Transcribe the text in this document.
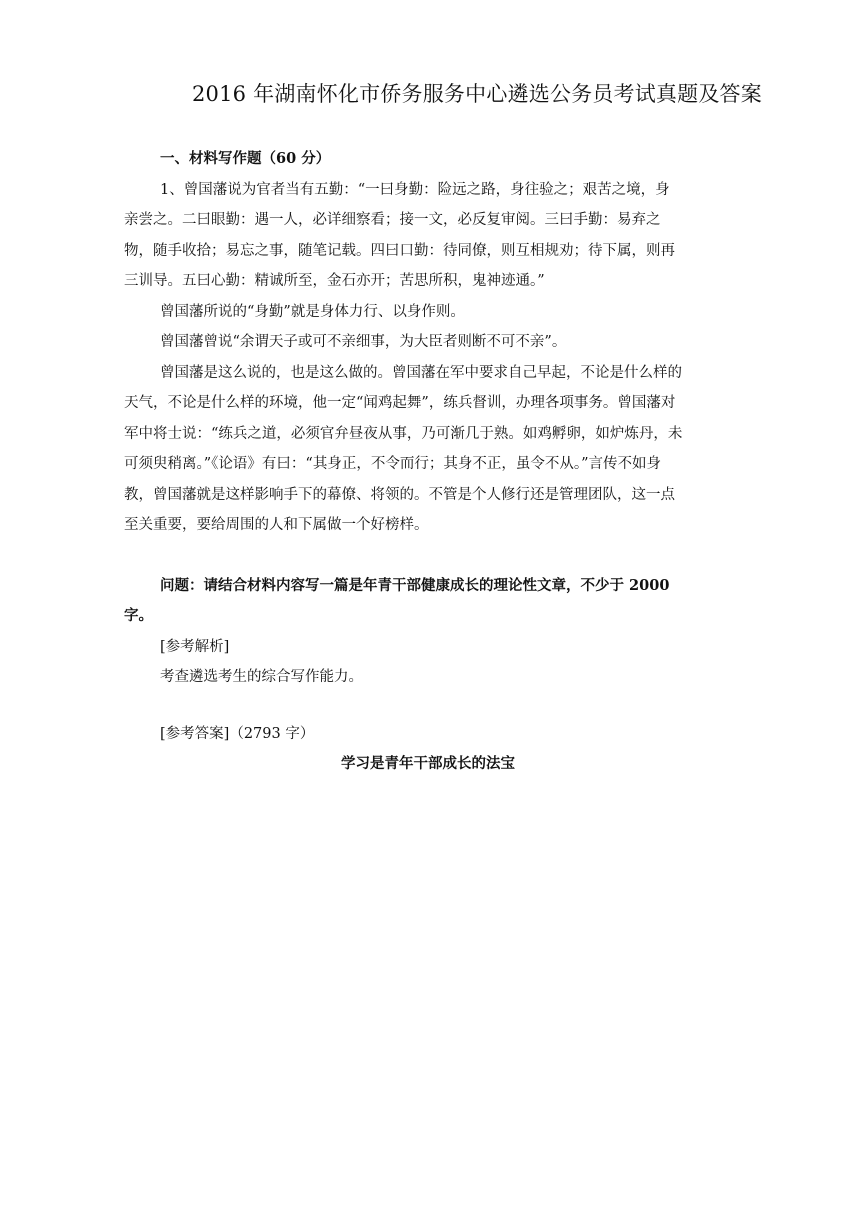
2016 年湖南怀化市侨务服务中心遴选公务员考试真题及答案

一、材料写作题（60 分）

1、曾国藩说为官者当有五勤：“一曰身勤：险远之路，身往验之；艰苦之境，身亲尝之。二曰眼勤：遇一人，必详细察看；接一文，必反复审阅。三曰手勤：易弃之物，随手收拾；易忘之事，随笔记载。四曰口勤：待同僚，则互相规劝；待下属，则再三训导。五曰心勤：精诚所至，金石亦开；苦思所积，鬼神迹通。”

曾国藩所说的“身勤”就是身体力行、以身作则。

曾国藩曾说“余谓天子或可不亲细事，为大臣者则断不可不亲”。

曾国藩是这么说的，也是这么做的。曾国藩在军中要求自己早起，不论是什么样的天气，不论是什么样的环境，他一定“闻鸡起舞”，练兵督训，办理各项事务。曾国藩对军中将士说：“练兵之道，必须官弁昼夜从事，乃可渐几于熟。如鸡孵卵，如炉炼丹，未可须臾稍离。”《论语》有曰：“其身正，不令而行；其身不正，虽令不从。”言传不如身教，曾国藩就是这样影响手下的幕僚、将领的。不管是个人修行还是管理团队，这一点至关重要，要给周围的人和下属做一个好榜样。

问题：请结合材料内容写一篇是年青干部健康成长的理论性文章，不少于 2000 字。

[参考解析]

考查遴选考生的综合写作能力。

[参考答案]（2793 字）

学习是青年干部成长的法宝
